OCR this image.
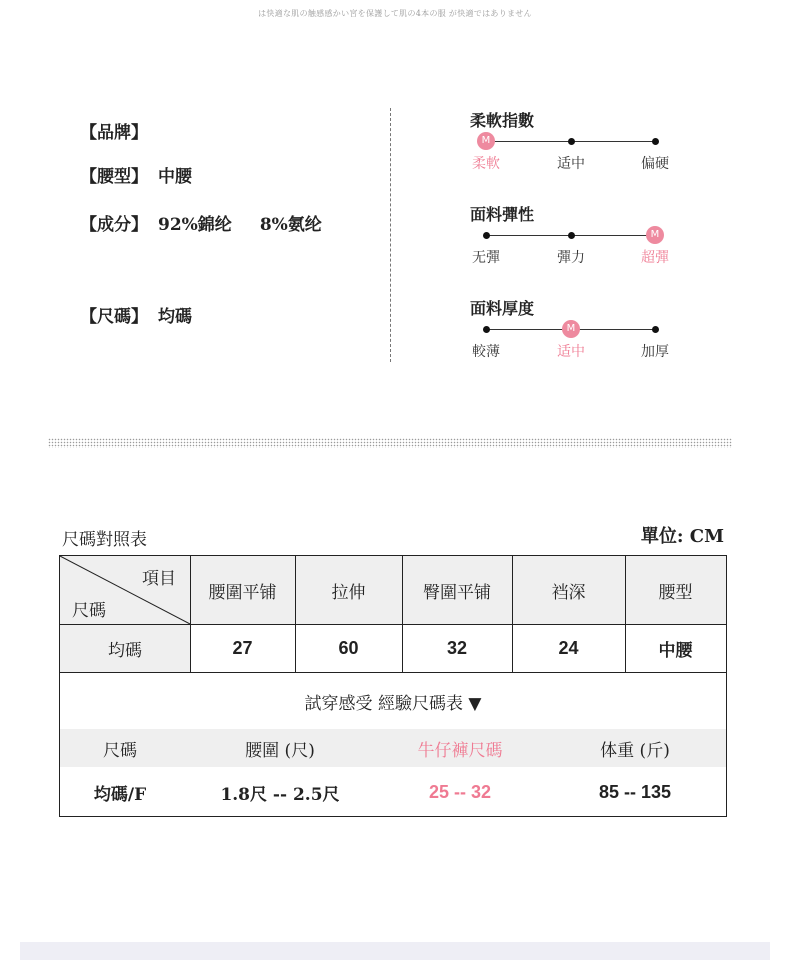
は快適な肌の触感感かい宮を保護して肌の4本の服 が快適ではありません
【品牌】
【腰型】 中腰
【成分】 92%錦纶 8%氨纶
【尺碼】 均碼
柔軟指數
M
柔軟	适中	偏硬
面料彈性
无彈	彈力
M
超彈
面料厚度
較薄
M
适中	加厚
尺碼對照表	單位: CM
項目
尺碼
腰圍平铺	拉伸	臀圍平铺	裆深	腰型
均碼	27	60	32	24	中腰
試穿感受 經驗尺碼表 ▼
尺碼	腰圍 (尺)	牛仔褲尺碼	体重 (斤)
均碼/F	1.8尺 -- 2.5尺	25 -- 32	85 -- 135
